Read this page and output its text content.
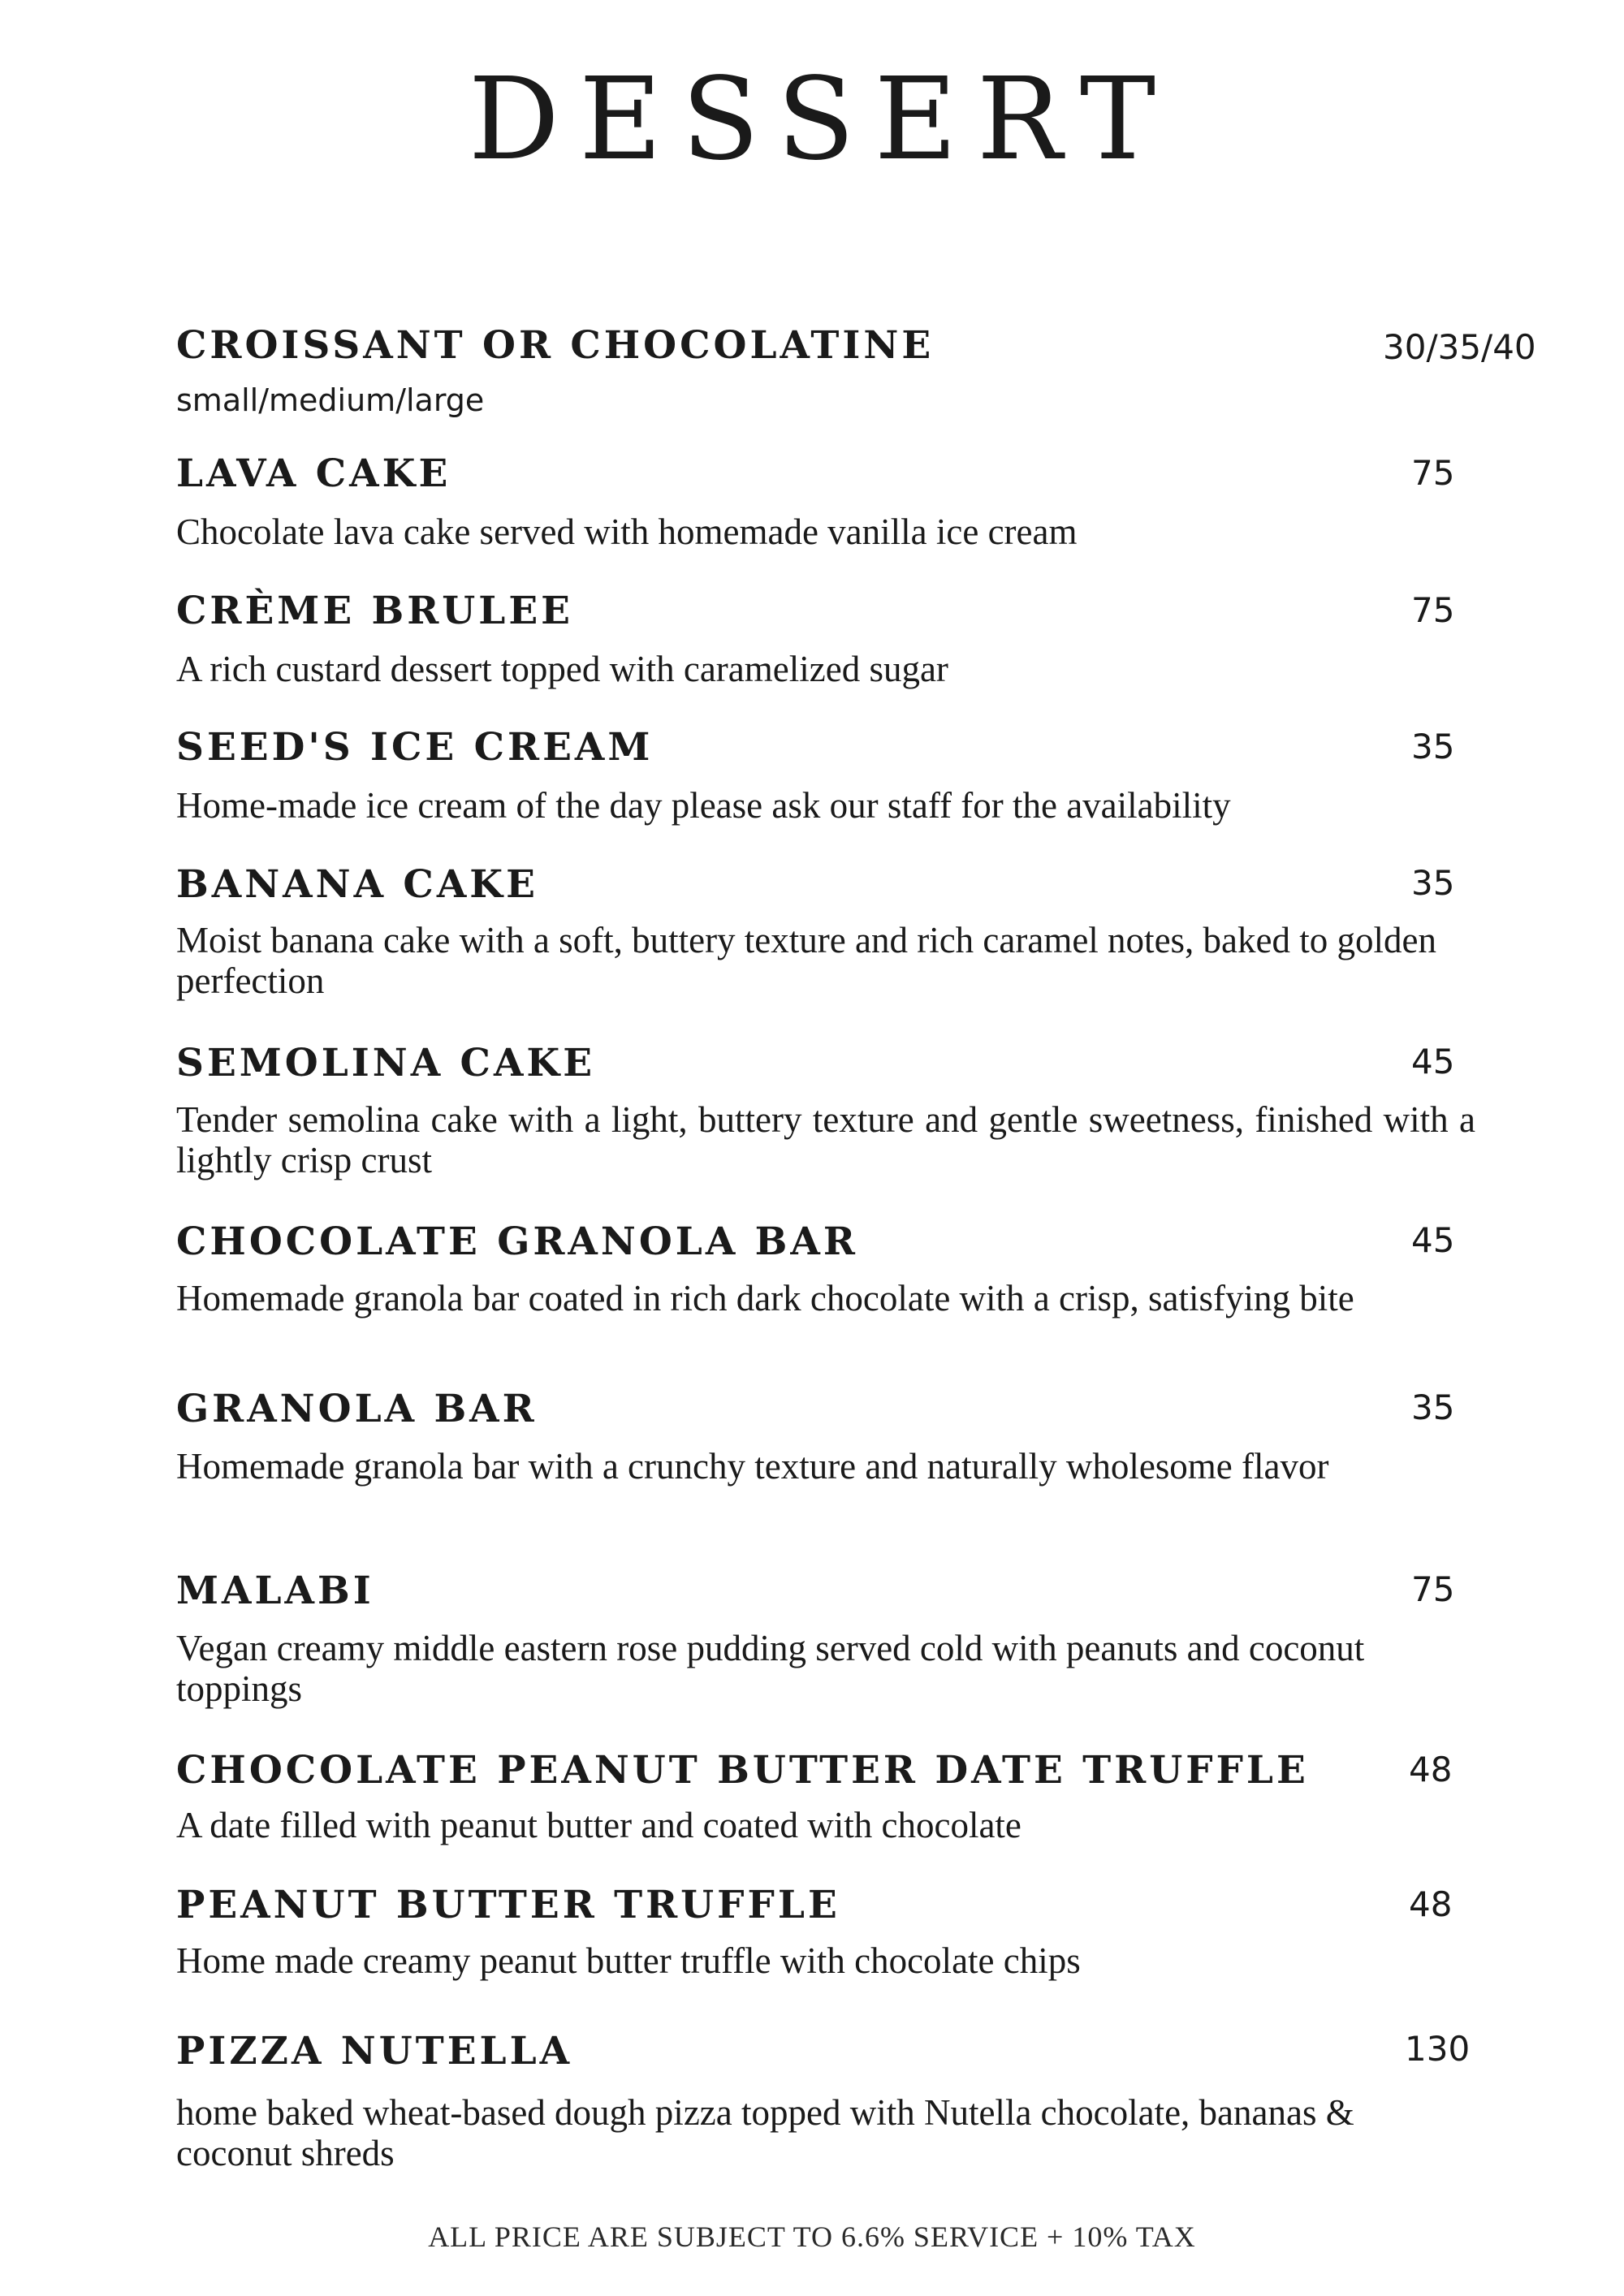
DESSERT
CROISSANT OR CHOCOLATINE	30/35/40
small/medium/large
LAVA CAKE	75

Chocolate lava cake served with homemade vanilla ice cream

CRÈME BRULEE	75

A rich custard dessert topped with caramelized sugar

SEED'S ICE CREAM	35

Home-made ice cream of the day please ask our staff for the availability

BANANA CAKE	35

Moist banana cake with a soft, buttery texture and rich caramel notes, baked to golden perfection

SEMOLINA CAKE	45

Tender semolina cake with a light, buttery texture and gentle sweetness, finished with a lightly crisp crust

CHOCOLATE GRANOLA BAR	45

Homemade granola bar coated in rich dark chocolate with a crisp, satisfying bite

GRANOLA BAR	35

Homemade granola bar with a crunchy texture and naturally wholesome flavor

MALABI	75

Vegan creamy middle eastern rose pudding served cold with peanuts and coconut toppings

CHOCOLATE PEANUT BUTTER DATE TRUFFLE	48

A date filled with peanut butter and coated with chocolate

PEANUT BUTTER TRUFFLE	48

Home made creamy peanut butter truffle with chocolate chips

PIZZA NUTELLA	130

home baked wheat-based dough pizza topped with Nutella chocolate, bananas & coconut shreds

ALL PRICE ARE SUBJECT TO 6.6% SERVICE + 10% TAX
